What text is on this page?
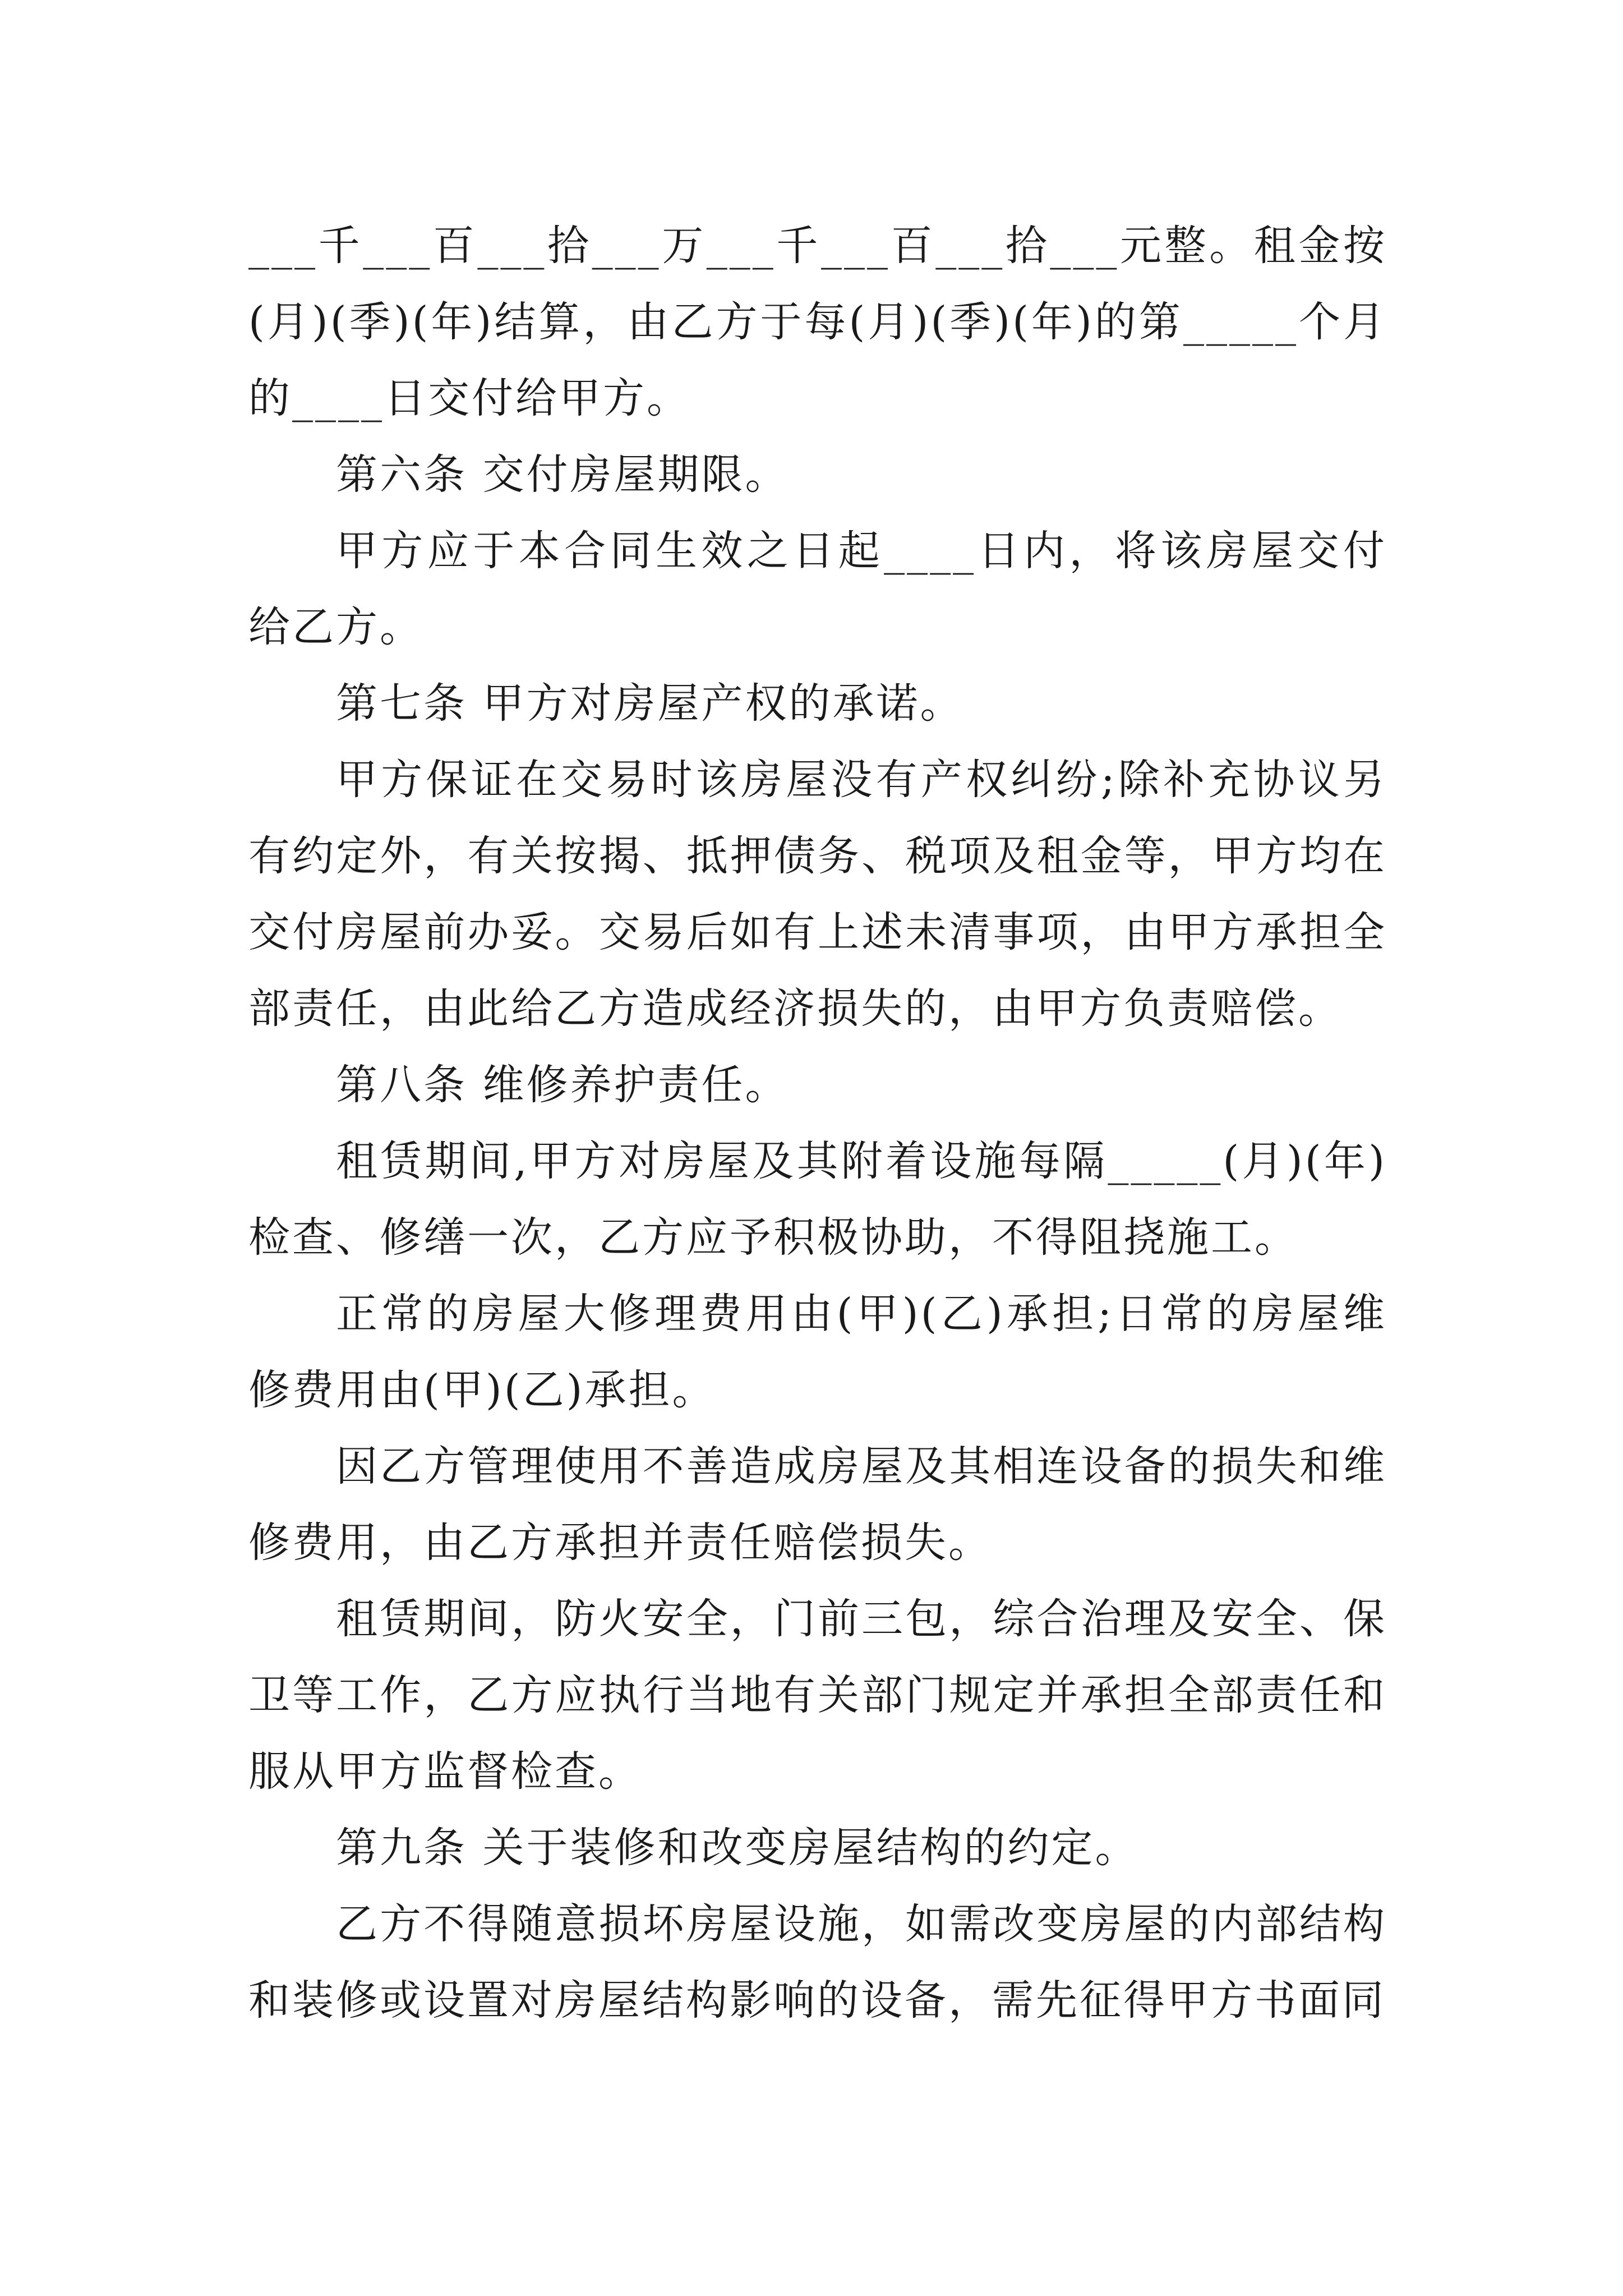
___千___百___拾___万___千___百___拾___元整。租金按(月)(季)(年)结算，由乙方于每(月)(季)(年)的第_____个月的____日交付给甲方。

第六条 交付房屋期限。

甲方应于本合同生效之日起____日内，将该房屋交付给乙方。

第七条 甲方对房屋产权的承诺。

甲方保证在交易时该房屋没有产权纠纷;除补充协议另有约定外，有关按揭、抵押债务、税项及租金等，甲方均在交付房屋前办妥。交易后如有上述未清事项，由甲方承担全部责任，由此给乙方造成经济损失的，由甲方负责赔偿。

第八条 维修养护责任。

租赁期间,甲方对房屋及其附着设施每隔_____(月)(年)检查、修缮一次，乙方应予积极协助，不得阻挠施工。

正常的房屋大修理费用由(甲)(乙)承担;日常的房屋维修费用由(甲)(乙)承担。

因乙方管理使用不善造成房屋及其相连设备的损失和维修费用，由乙方承担并责任赔偿损失。

租赁期间，防火安全，门前三包，综合治理及安全、保卫等工作，乙方应执行当地有关部门规定并承担全部责任和服从甲方监督检查。

第九条 关于装修和改变房屋结构的约定。

乙方不得随意损坏房屋设施，如需改变房屋的内部结构和装修或设置对房屋结构影响的设备，需先征得甲方书面同
